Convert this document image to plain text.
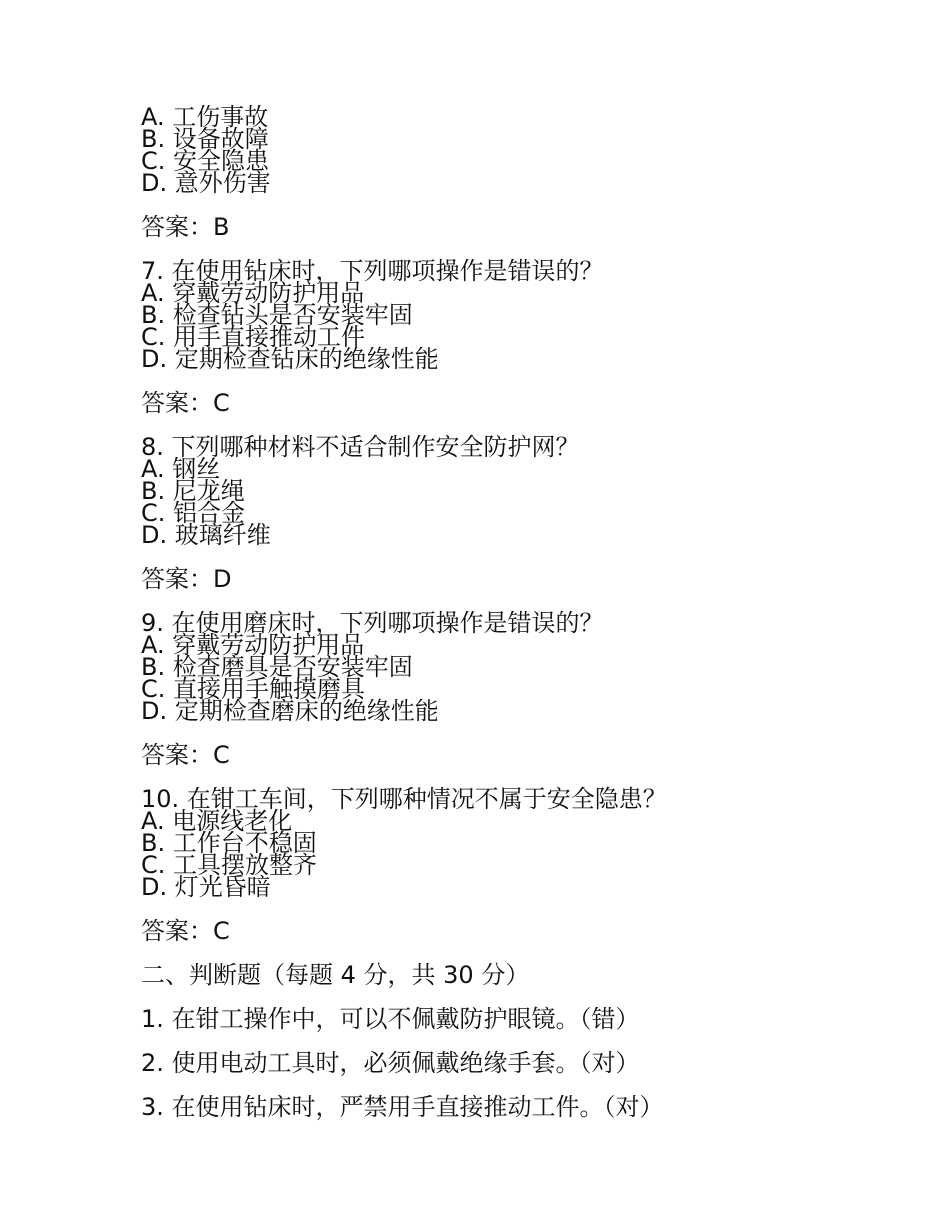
A. 工伤事故
B. 设备故障
C. 安全隐患
D. 意外伤害
答案：B
7. 在使用钻床时，下列哪项操作是错误的？
A. 穿戴劳动防护用品
B. 检查钻头是否安装牢固
C. 用手直接推动工件
D. 定期检查钻床的绝缘性能
答案：C
8. 下列哪种材料不适合制作安全防护网？
A. 钢丝
B. 尼龙绳
C. 铝合金
D. 玻璃纤维
答案：D
9. 在使用磨床时，下列哪项操作是错误的？
A. 穿戴劳动防护用品
B. 检查磨具是否安装牢固
C. 直接用手触摸磨具
D. 定期检查磨床的绝缘性能
答案：C
10. 在钳工车间，下列哪种情况不属于安全隐患？
A. 电源线老化
B. 工作台不稳固
C. 工具摆放整齐
D. 灯光昏暗
答案：C
二、判断题（每题 4 分，共 30 分）
1. 在钳工操作中，可以不佩戴防护眼镜。（错）
2. 使用电动工具时，必须佩戴绝缘手套。（对）
3. 在使用钻床时，严禁用手直接推动工件。（对）
